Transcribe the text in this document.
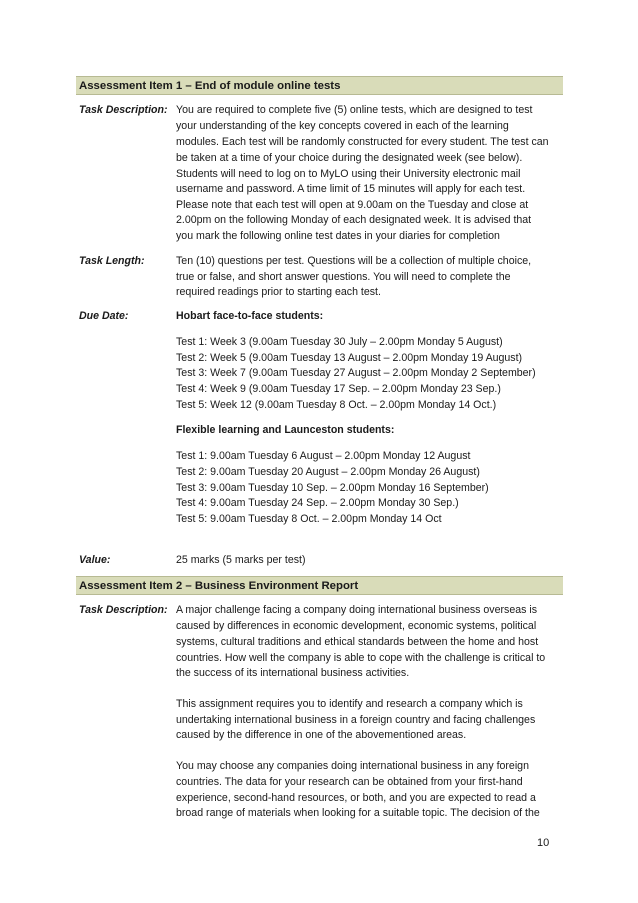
Assessment Item 1 – End of module online tests
Task Description: You are required to complete five (5) online tests, which are designed to test
your understanding of the key concepts covered in each of the learning
modules. Each test will be randomly constructed for every student. The test can
be taken at a time of your choice during the designated week (see below).
Students will need to log on to MyLO using their University electronic mail
username and password. A time limit of 15 minutes will apply for each test.
Please note that each test will open at 9.00am on the Tuesday and close at
2.00pm on the following Monday of each designated week. It is advised that
you mark the following online test dates in your diaries for completion
Task Length:	Ten (10) questions per test. Questions will be a collection of multiple choice,
true or false, and short answer questions. You will need to complete the
required readings prior to starting each test.
Due Date:	Hobart face-to-face students:
Test 1: Week 3 (9.00am Tuesday 30 July – 2.00pm Monday 5 August)
Test 2: Week 5 (9.00am Tuesday 13 August – 2.00pm Monday 19 August)
Test 3: Week 7 (9.00am Tuesday 27 August – 2.00pm Monday 2 September)
Test 4: Week 9 (9.00am Tuesday 17 Sep. – 2.00pm Monday 23 Sep.)
Test 5: Week 12 (9.00am Tuesday 8 Oct. – 2.00pm Monday 14 Oct.)
Flexible learning and Launceston students:
Test 1: 9.00am Tuesday 6 August – 2.00pm Monday 12 August
Test 2: 9.00am Tuesday 20 August – 2.00pm Monday 26 August)
Test 3: 9.00am Tuesday 10 Sep. – 2.00pm Monday 16 September)
Test 4: 9.00am Tuesday 24 Sep. – 2.00pm Monday 30 Sep.)
Test 5: 9.00am Tuesday 8 Oct. – 2.00pm Monday 14 Oct
Value:	25 marks (5 marks per test)
Assessment Item 2 – Business Environment Report
Task Description: A major challenge facing a company doing international business overseas is
caused by differences in economic development, economic systems, political
systems, cultural traditions and ethical standards between the home and host
countries. How well the company is able to cope with the challenge is critical to
the success of its international business activities.
This assignment requires you to identify and research a company which is
undertaking international business in a foreign country and facing challenges
caused by the difference in one of the abovementioned areas.
You may choose any companies doing international business in any foreign
countries. The data for your research can be obtained from your first-hand
experience, second-hand resources, or both, and you are expected to read a
broad range of materials when looking for a suitable topic. The decision of the
10
